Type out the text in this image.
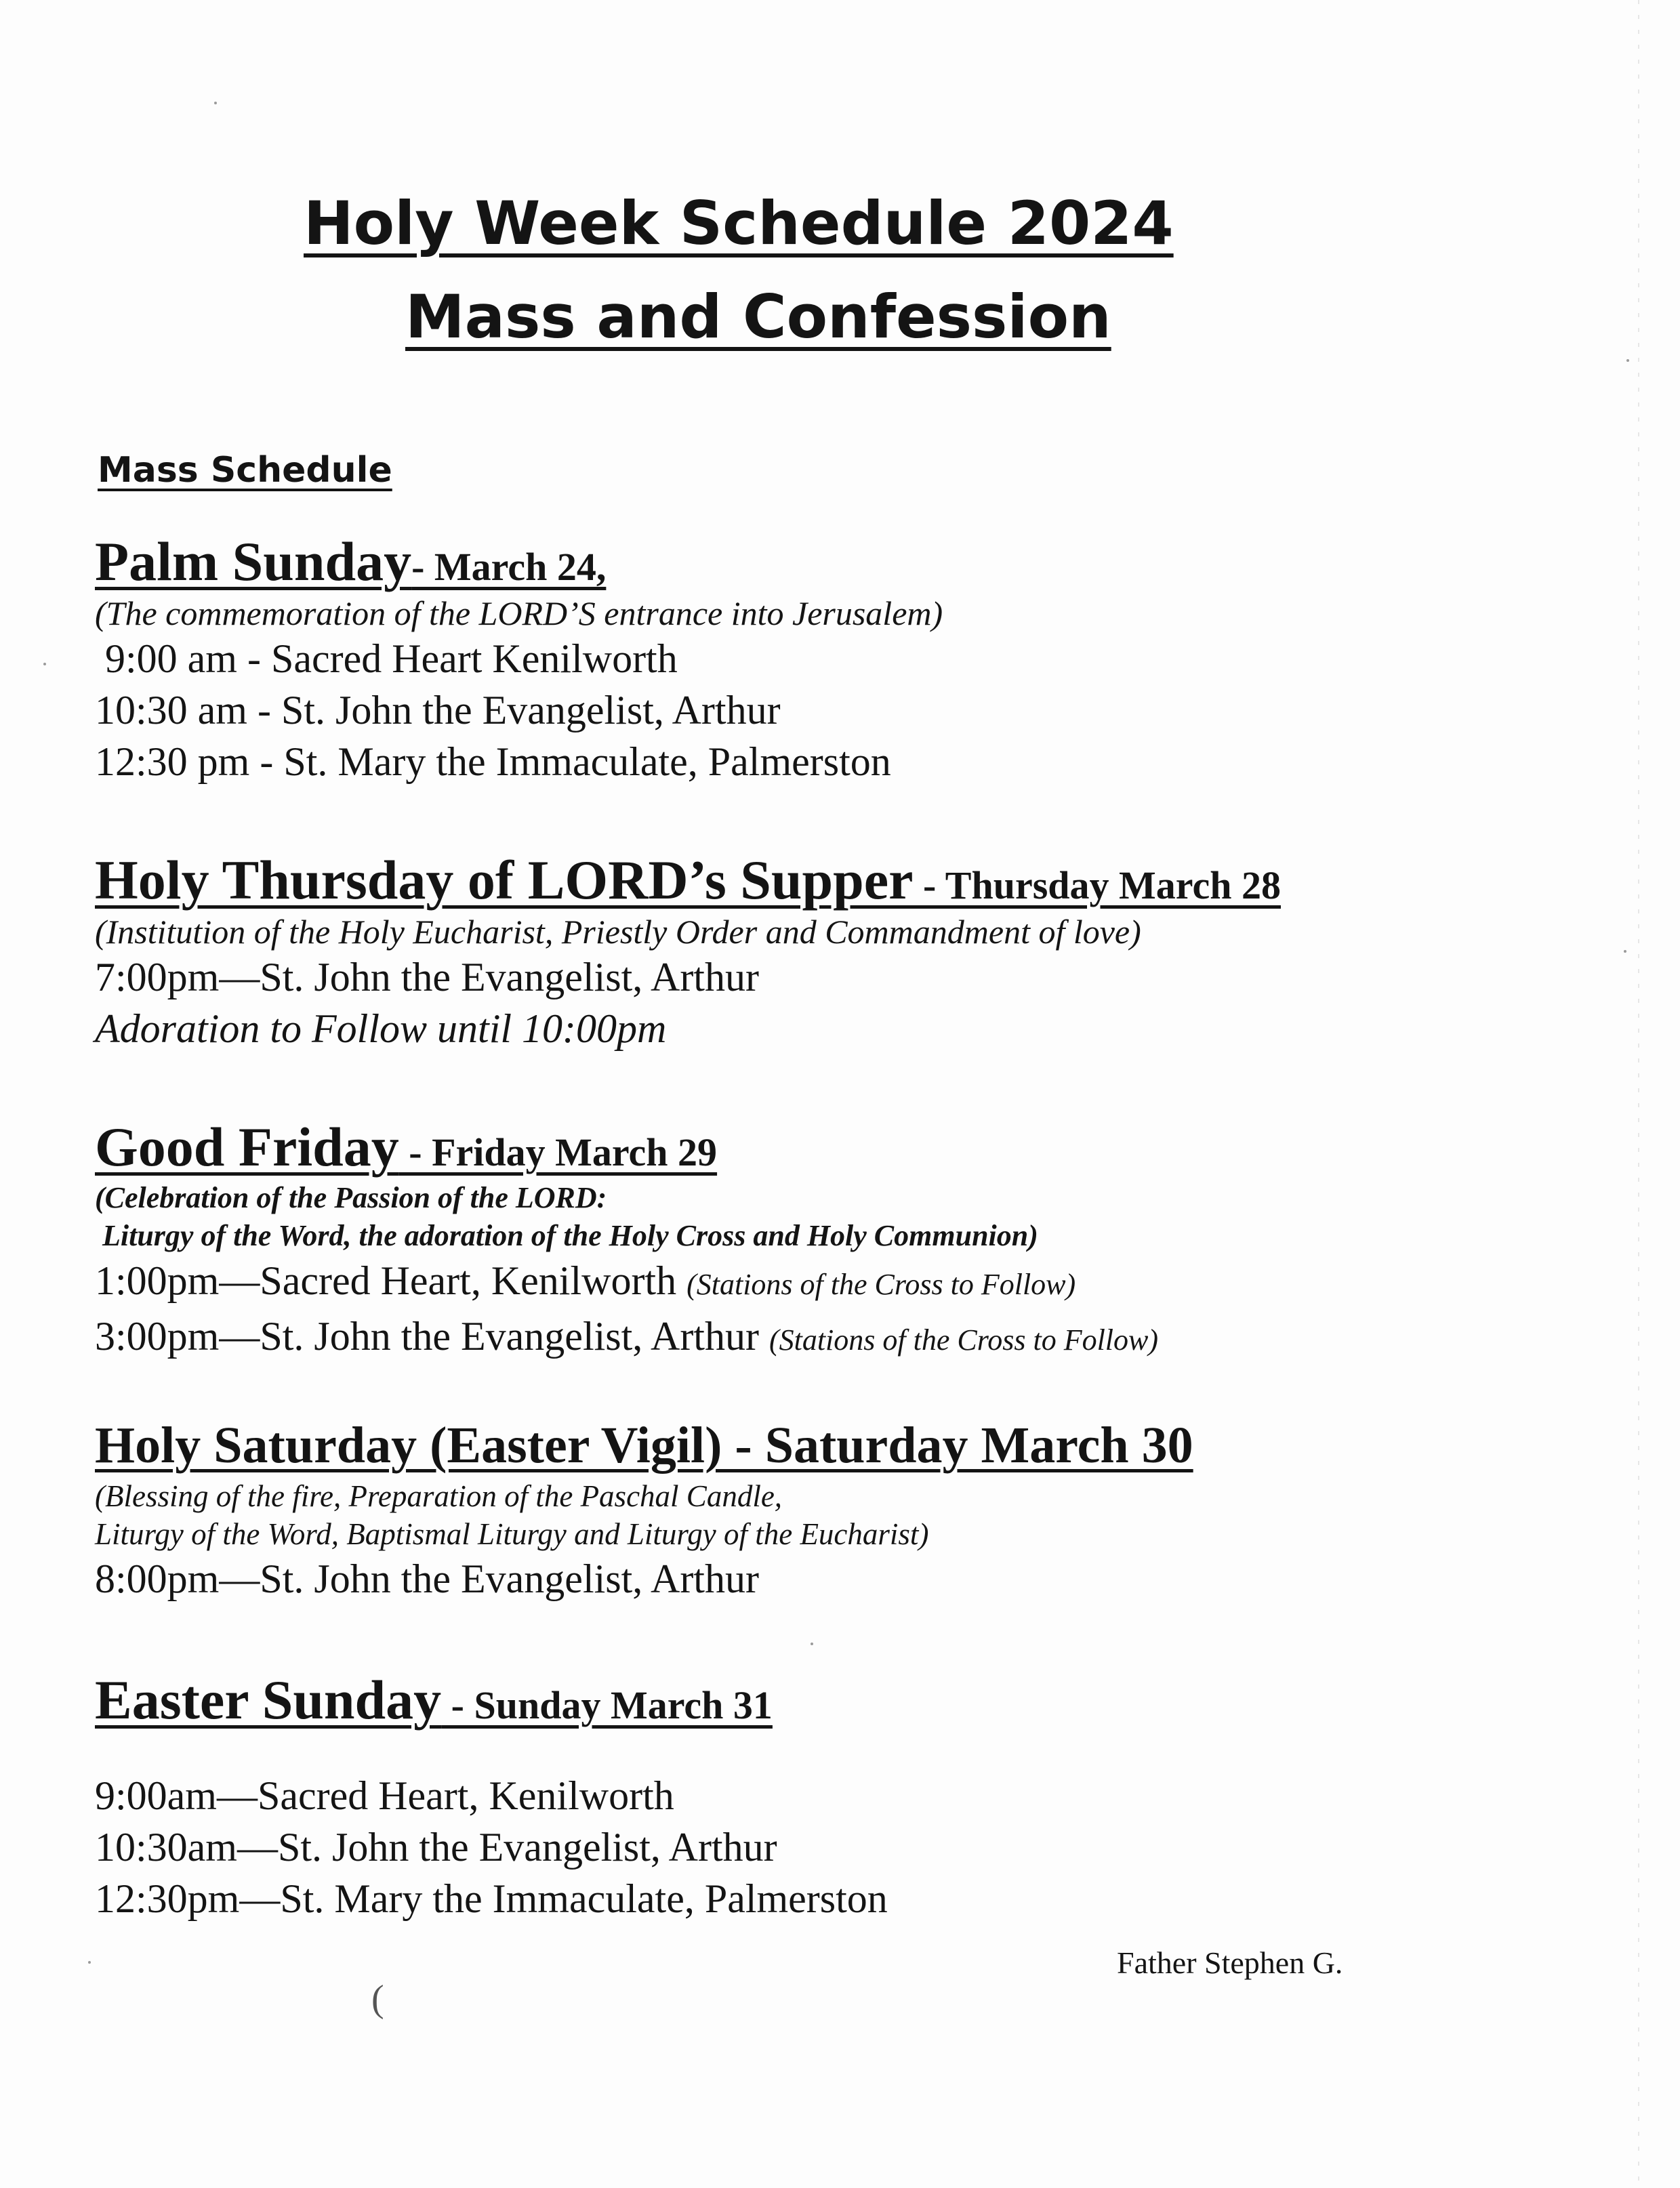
Holy Week Schedule 2024
Mass and Confession
Mass Schedule
Palm Sunday- March 24,
(The commemoration of the LORD’S entrance into Jerusalem)
9:00 am - Sacred Heart Kenilworth
10:30 am - St. John the Evangelist, Arthur
12:30 pm - St. Mary the Immaculate, Palmerston
Holy Thursday of LORD’s Supper - Thursday March 28
(Institution of the Holy Eucharist, Priestly Order and Commandment of love)
7:00pm—St. John the Evangelist, Arthur
Adoration to Follow until 10:00pm
Good Friday - Friday March 29
(Celebration of the Passion of the LORD:
Liturgy of the Word, the adoration of the Holy Cross and Holy Communion)
1:00pm—Sacred Heart, Kenilworth (Stations of the Cross to Follow)
3:00pm—St. John the Evangelist, Arthur (Stations of the Cross to Follow)
Holy Saturday (Easter Vigil) - Saturday March 30
(Blessing of the fire, Preparation of the Paschal Candle,
Liturgy of the Word, Baptismal Liturgy and Liturgy of the Eucharist)
8:00pm—St. John the Evangelist, Arthur
Easter Sunday - Sunday March 31
9:00am—Sacred Heart, Kenilworth
10:30am—St. John the Evangelist, Arthur
12:30pm—St. Mary the Immaculate, Palmerston
Father Stephen G.
(
